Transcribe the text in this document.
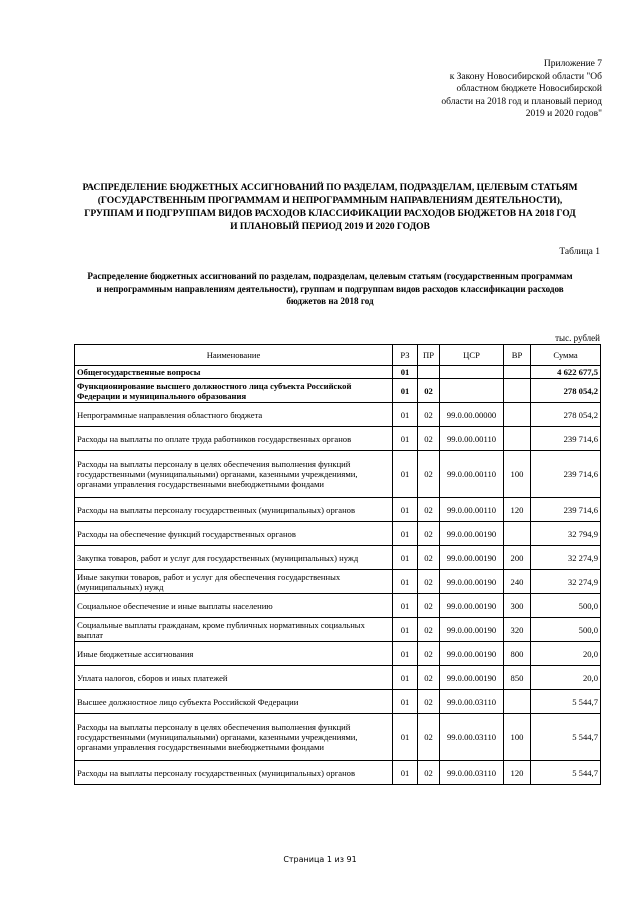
Приложение 7
к Закону Новосибирской области "Об
областном бюджете Новосибирской
области на 2018 год и плановый период
2019 и 2020 годов"
РАСПРЕДЕЛЕНИЕ БЮДЖЕТНЫХ АССИГНОВАНИЙ ПО РАЗДЕЛАМ, ПОДРАЗДЕЛАМ, ЦЕЛЕВЫМ СТАТЬЯМ
(ГОСУДАРСТВЕННЫМ ПРОГРАММАМ И НЕПРОГРАММНЫМ НАПРАВЛЕНИЯМ ДЕЯТЕЛЬНОСТИ),
ГРУППАМ И ПОДГРУППАМ ВИДОВ РАСХОДОВ КЛАССИФИКАЦИИ РАСХОДОВ БЮДЖЕТОВ НА 2018 ГОД
И ПЛАНОВЫЙ ПЕРИОД 2019 И 2020 ГОДОВ
Таблица 1
Распределение бюджетных ассигнований по разделам, подразделам, целевым статьям (государственным программам
и непрограммным направлениям деятельности), группам и подгруппам видов расходов классификации расходов
бюджетов на 2018 год
тыс. рублей
Наименование	РЗ	ПР	ЦСР	ВР	Сумма
Общегосударственные вопросы	01				4 622 677,5
Функционирование высшего должностного лица субъекта Российской Федерации и муниципального образования	01	02			278 054,2
Непрограммные направления областного бюджета	01	02	99.0.00.00000		278 054,2
Расходы на выплаты по оплате труда работников государственных органов	01	02	99.0.00.00110		239 714,6
Расходы на выплаты персоналу в целях обеспечения выполнения функций государственными (муниципальными) органами, казенными учреждениями, органами управления государственными внебюджетными фондами	01	02	99.0.00.00110	100	239 714,6
Расходы на выплаты персоналу государственных (муниципальных) органов	01	02	99.0.00.00110	120	239 714,6
Расходы на обеспечение функций государственных органов	01	02	99.0.00.00190		32 794,9
Закупка товаров, работ и услуг для государственных (муниципальных) нужд	01	02	99.0.00.00190	200	32 274,9
Иные закупки товаров, работ и услуг для обеспечения государственных (муниципальных) нужд	01	02	99.0.00.00190	240	32 274,9
Социальное обеспечение и иные выплаты населению	01	02	99.0.00.00190	300	500,0
Социальные выплаты гражданам, кроме публичных нормативных социальных выплат	01	02	99.0.00.00190	320	500,0
Иные бюджетные ассигнования	01	02	99.0.00.00190	800	20,0
Уплата налогов, сборов и иных платежей	01	02	99.0.00.00190	850	20,0
Высшее должностное лицо субъекта Российской Федерации	01	02	99.0.00.03110		5 544,7
Расходы на выплаты персоналу в целях обеспечения выполнения функций государственными (муниципальными) органами, казенными учреждениями, органами управления государственными внебюджетными фондами	01	02	99.0.00.03110	100	5 544,7
Расходы на выплаты персоналу государственных (муниципальных) органов	01	02	99.0.00.03110	120	5 544,7
Страница 1 из 91
